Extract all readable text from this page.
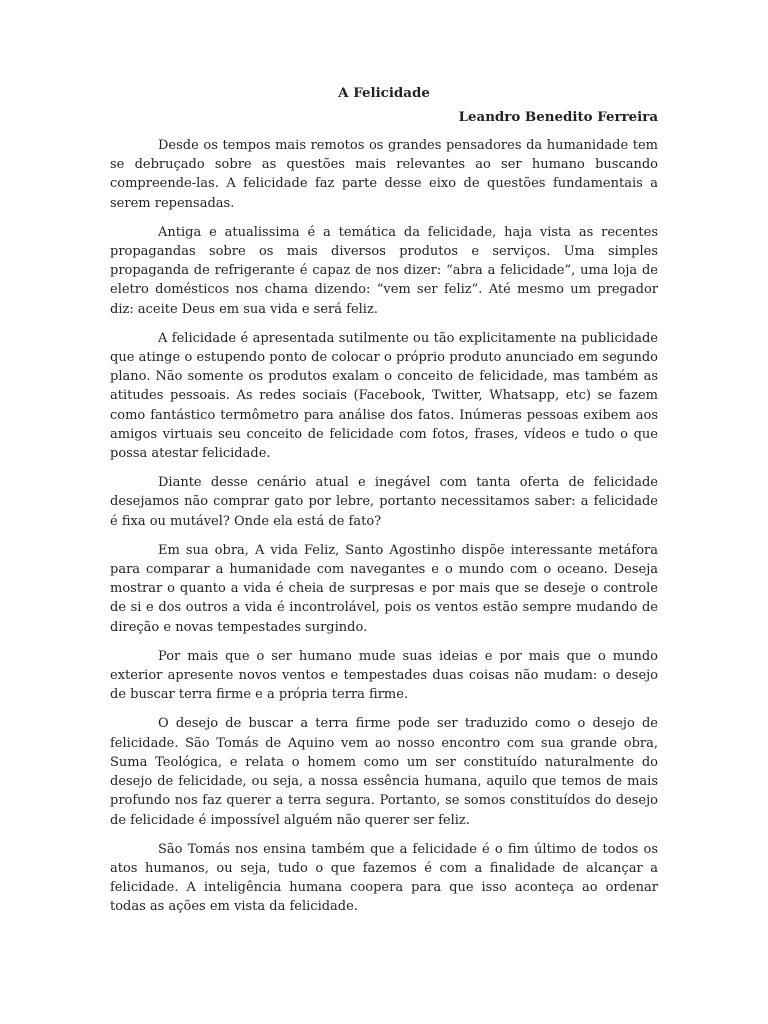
A Felicidade
Leandro Benedito Ferreira

Desde os tempos mais remotos os grandes pensadores da humanidade tem se debruçado sobre as questões mais relevantes ao ser humano buscando compreende-las. A felicidade faz parte desse eixo de questões fundamentais a serem repensadas.

Antiga e atualissima é a temática da felicidade, haja vista as recentes propagandas sobre os mais diversos produtos e serviços. Uma simples propaganda de refrigerante é capaz de nos dizer: “abra a felicidade”, uma loja de eletro domésticos nos chama dizendo: “vem ser feliz”. Até mesmo um pregador diz: aceite Deus em sua vida e será feliz.

A felicidade é apresentada sutilmente ou tão explicitamente na publicidade que atinge o estupendo ponto de colocar o próprio produto anunciado em segundo plano. Não somente os produtos exalam o conceito de felicidade, mas também as atitudes pessoais. As redes sociais (Facebook, Twitter, Whatsapp, etc) se fazem como fantástico termômetro para análise dos fatos. Inúmeras pessoas exibem aos amigos virtuais seu conceito de felicidade com fotos, frases, vídeos e tudo o que possa atestar felicidade.

Diante desse cenário atual e inegável com tanta oferta de felicidade desejamos não comprar gato por lebre, portanto necessitamos saber: a felicidade é fixa ou mutável? Onde ela está de fato?

Em sua obra, A vida Feliz, Santo Agostinho dispõe interessante metáfora para comparar a humanidade com navegantes e o mundo com o oceano. Deseja mostrar o quanto a vida é cheia de surpresas e por mais que se deseje o controle de si e dos outros a vida é incontrolável, pois os ventos estão sempre mudando de direção e novas tempestades surgindo.

Por mais que o ser humano mude suas ideias e por mais que o mundo exterior apresente novos ventos e tempestades duas coisas não mudam: o desejo de buscar terra firme e a própria terra firme.

O desejo de buscar a terra firme pode ser traduzido como o desejo de felicidade. São Tomás de Aquino vem ao nosso encontro com sua grande obra, Suma Teológica, e relata o homem como um ser constituído naturalmente do desejo de felicidade, ou seja, a nossa essência humana, aquilo que temos de mais profundo nos faz querer a terra segura. Portanto, se somos constituídos do desejo de felicidade é impossível alguém não querer ser feliz.

São Tomás nos ensina também que a felicidade é o fim último de todos os atos humanos, ou seja, tudo o que fazemos é com a finalidade de alcançar a felicidade. A inteligência humana coopera para que isso aconteça ao ordenar todas as ações em vista da felicidade.
